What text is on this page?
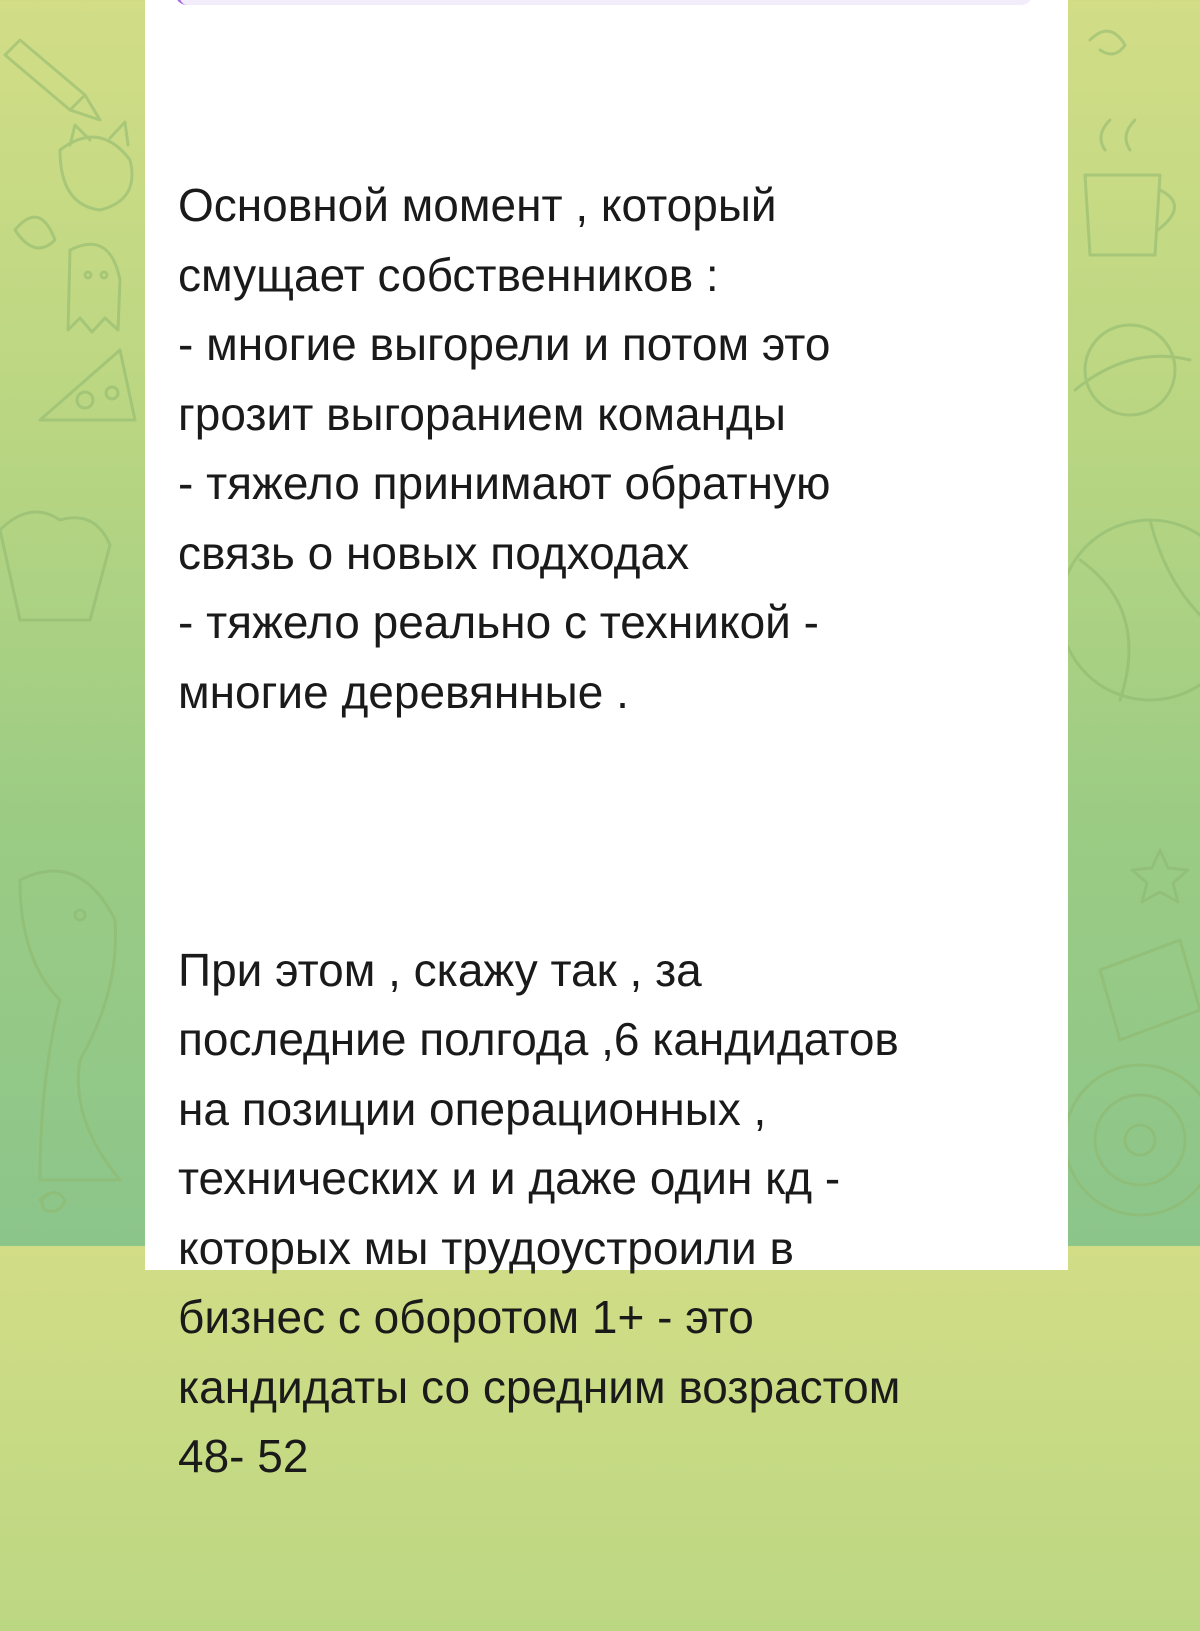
Основной момент , который
смущает собственников :
- многие выгорели и потом это
грозит выгоранием команды
- тяжело принимают обратную
связь о новых подходах
- тяжело реально с техникой -
многие деревянные .

При этом , скажу так , за
последние полгода ,6 кандидатов
на позиции операционных ,
технических и и даже один кд -
которых мы трудоустроили в
бизнес с оборотом 1+ - это
кандидаты со средним возрастом
48- 52
